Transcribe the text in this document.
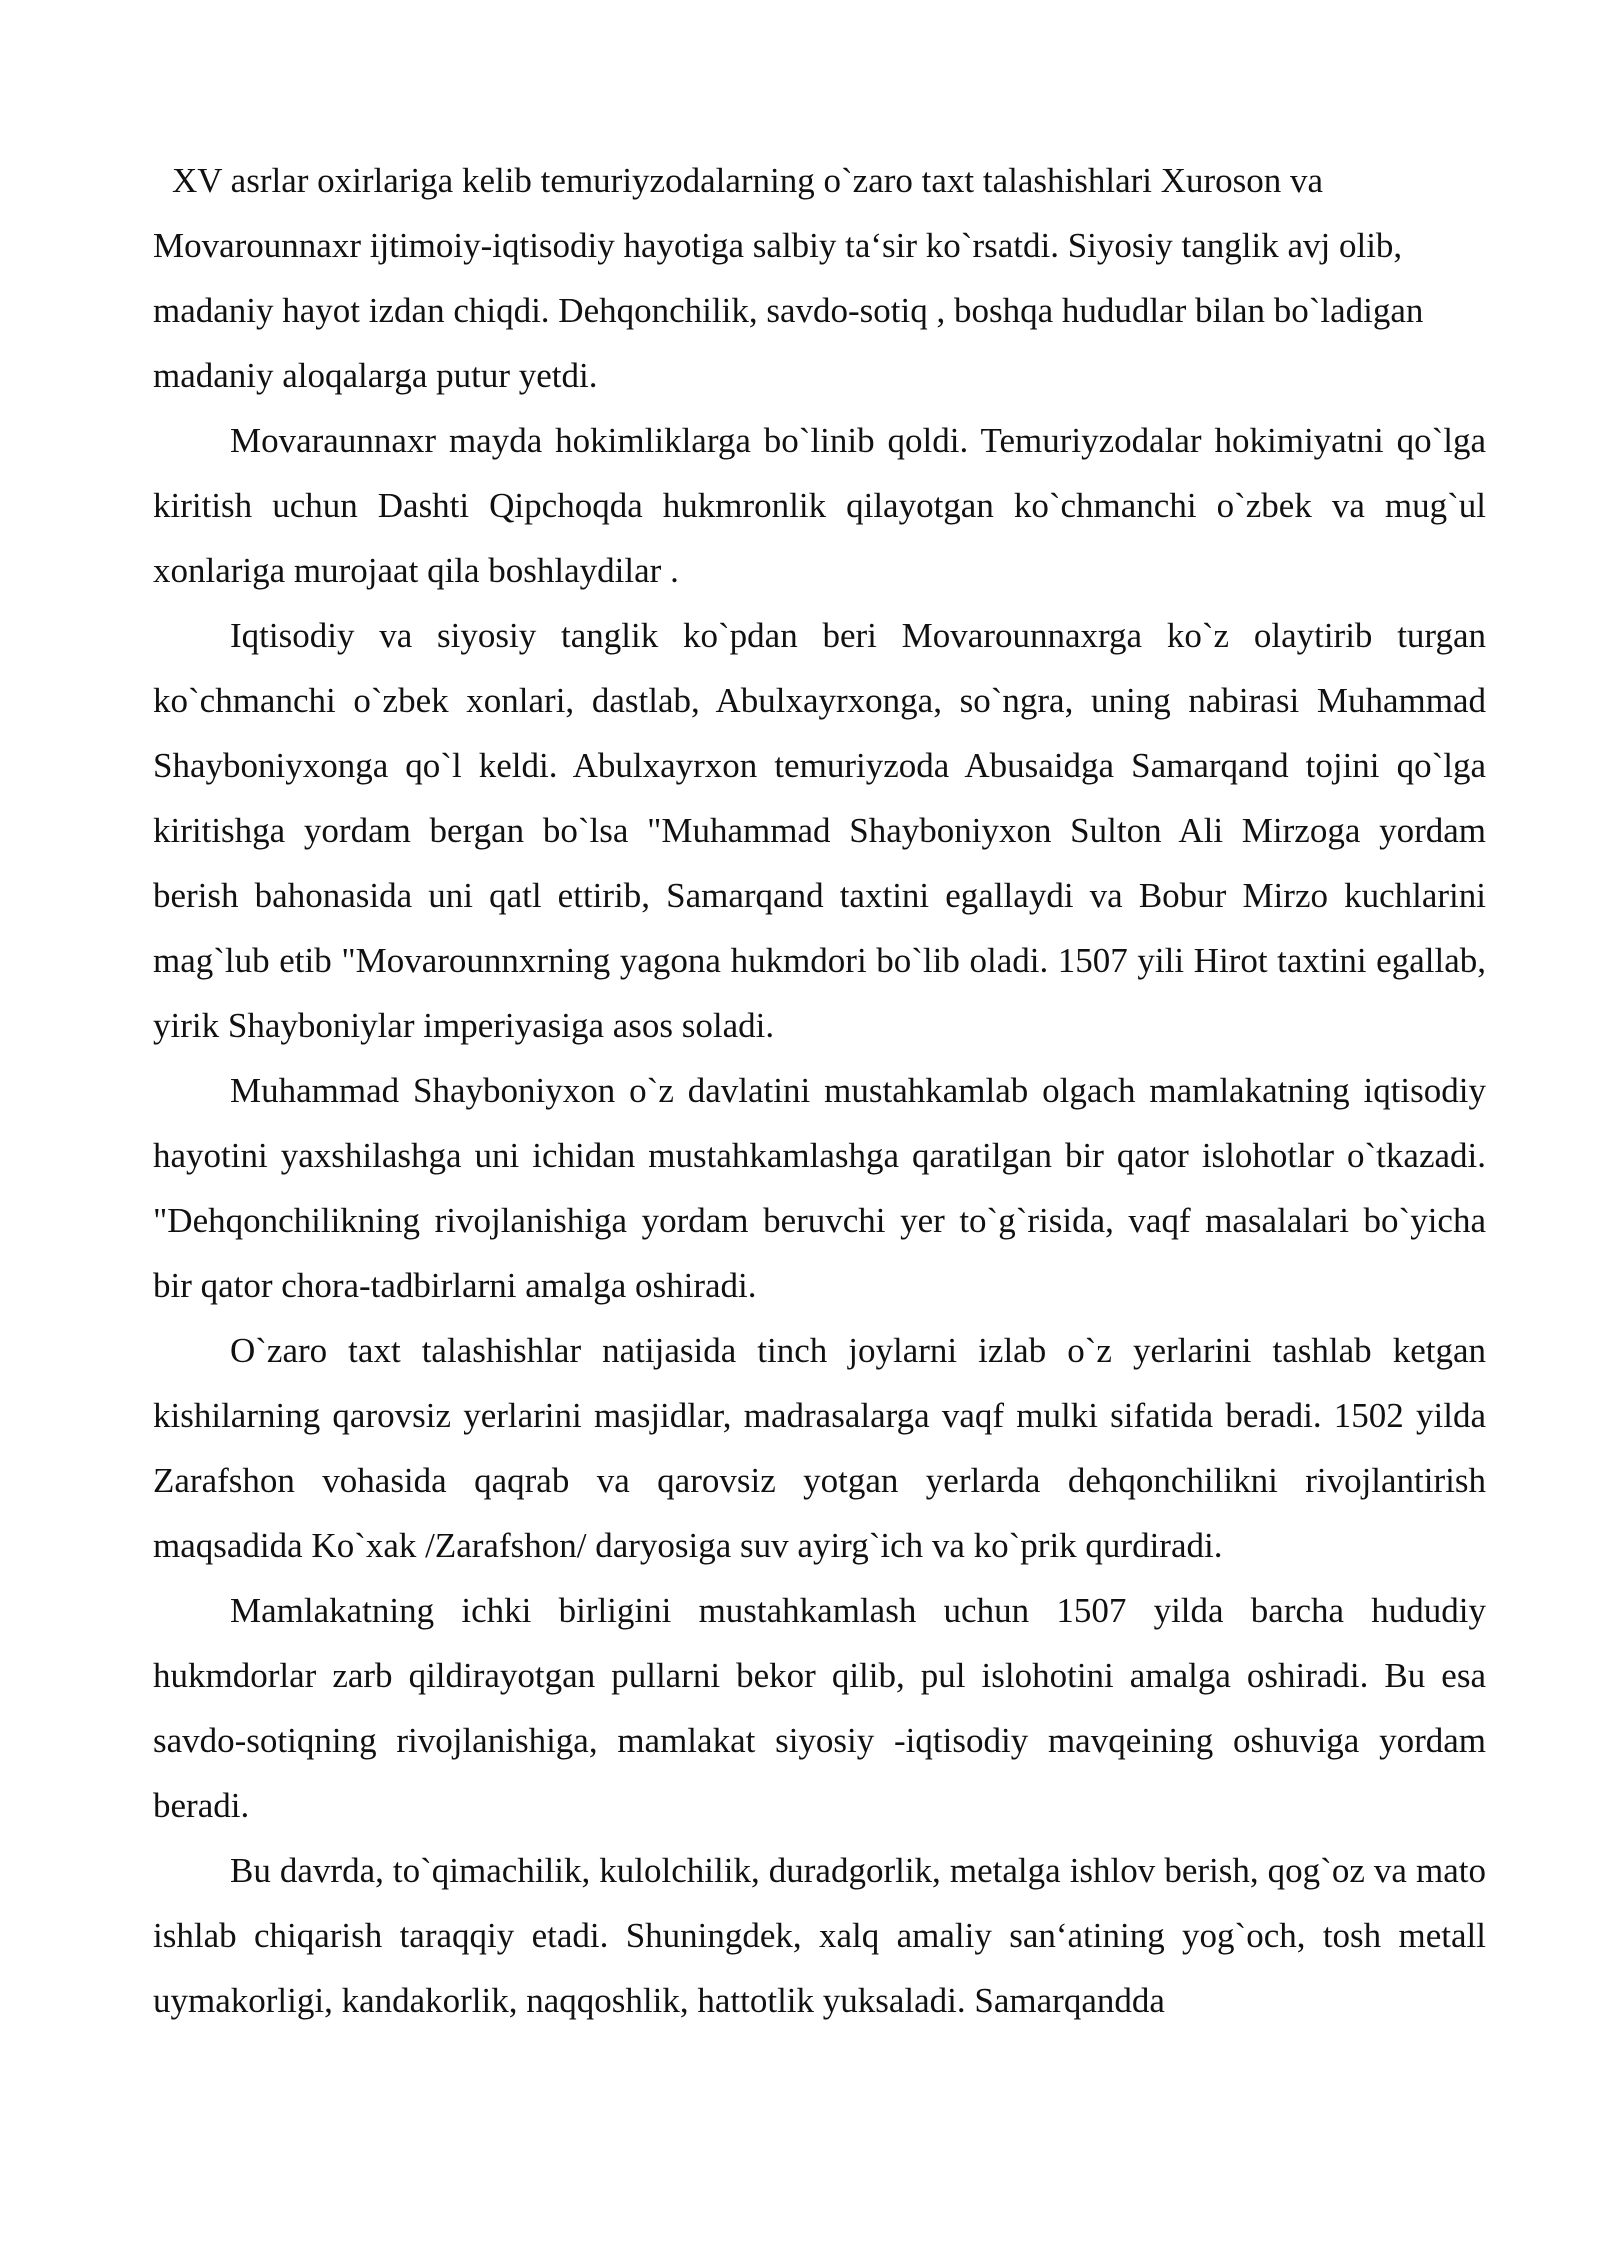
XV asrlar oxirlariga kelib temuriyzodalarning o`zaro taxt talashishlari Xuroson va Movarounnaxr ijtimoiy-iqtisodiy hayotiga salbiy ta‘sir ko`rsatdi. Siyosiy tanglik avj olib, madaniy hayot izdan chiqdi. Dehqonchilik, savdo-sotiq , boshqa hududlar bilan bo`ladigan madaniy aloqalarga putur yetdi.

Movaraunnaxr mayda hokimliklarga bo`linib qoldi. Temuriyzodalar hokimiyatni qo`lga kiritish uchun Dashti Qipchoqda hukmronlik qilayotgan ko`chmanchi o`zbek va mug`ul xonlariga murojaat qila boshlaydilar .

Iqtisodiy va siyosiy tanglik ko`pdan beri Movarounnaxrga ko`z olaytirib turgan ko`chmanchi o`zbek xonlari, dastlab, Abulxayrxonga, so`ngra, uning nabirasi Muhammad Shayboniyxonga qo`l keldi. Abulxayrxon temuriyzoda Abusaidga Samarqand tojini qo`lga kiritishga yordam bergan bo`lsa "Muhammad Shayboniyxon Sulton Ali Mirzoga yordam berish bahonasida uni qatl ettirib, Samarqand taxtini egallaydi va Bobur Mirzo kuchlarini mag`lub etib "Movarounnxrning yagona hukmdori bo`lib oladi. 1507 yili Hirot taxtini egallab, yirik Shayboniylar imperiyasiga asos soladi.

Muhammad Shayboniyxon o`z davlatini mustahkamlab olgach mamlakatning iqtisodiy hayotini yaxshilashga uni ichidan mustahkamlashga qaratilgan bir qator islohotlar o`tkazadi. "Dehqonchilikning rivojlanishiga yordam beruvchi yer to`g`risida, vaqf masalalari bo`yicha bir qator chora-tadbirlarni amalga oshiradi.

O`zaro taxt talashishlar natijasida tinch joylarni izlab o`z yerlarini tashlab ketgan kishilarning qarovsiz yerlarini masjidlar, madrasalarga vaqf mulki sifatida beradi. 1502 yilda Zarafshon vohasida qaqrab va qarovsiz yotgan yerlarda dehqonchilikni rivojlantirish maqsadida Ko`xak /Zarafshon/ daryosiga suv ayirg`ich va ko`prik qurdiradi.

Mamlakatning ichki birligini mustahkamlash uchun 1507 yilda barcha hududiy hukmdorlar zarb qildirayotgan pullarni bekor qilib, pul islohotini amalga oshiradi. Bu esa savdo-sotiqning rivojlanishiga, mamlakat siyosiy -iqtisodiy mavqeining oshuviga yordam beradi.

Bu davrda, to`qimachilik, kulolchilik, duradgorlik, metalga ishlov berish, qog`oz va mato ishlab chiqarish taraqqiy etadi. Shuningdek, xalq amaliy san‘atining yog`och, tosh metall uymakorligi, kandakorlik, naqqoshlik, hattotlik yuksaladi. Samarqandda
